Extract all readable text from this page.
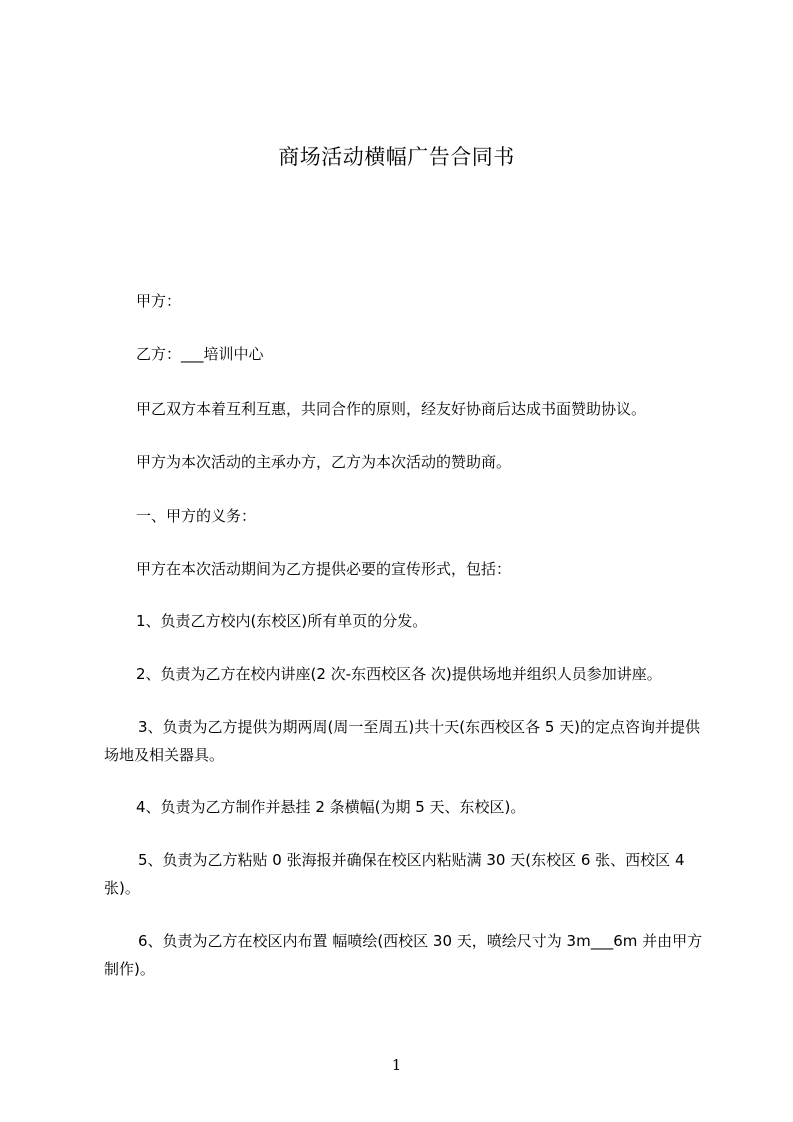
商场活动横幅广告合同书
甲方：
乙方：___培训中心
甲乙双方本着互利互惠，共同合作的原则，经友好协商后达成书面赞助协议。
甲方为本次活动的主承办方，乙方为本次活动的赞助商。
一、甲方的义务：
甲方在本次活动期间为乙方提供必要的宣传形式，包括：
1、负责乙方校内(东校区)所有单页的分发。
2、负责为乙方在校内讲座(2 次-东西校区各 次)提供场地并组织人员参加讲座。
3、负责为乙方提供为期两周(周一至周五)共十天(东西校区各 5 天)的定点咨询并提供场地及相关器具。
4、负责为乙方制作并悬挂 2 条横幅(为期 5 天、东校区)。
5、负责为乙方粘贴 0 张海报并确保在校区内粘贴满 30 天(东校区 6 张、西校区 4 张)。
6、负责为乙方在校区内布置 幅喷绘(西校区 30 天，喷绘尺寸为 3m___6m 并由甲方制作)。
1
